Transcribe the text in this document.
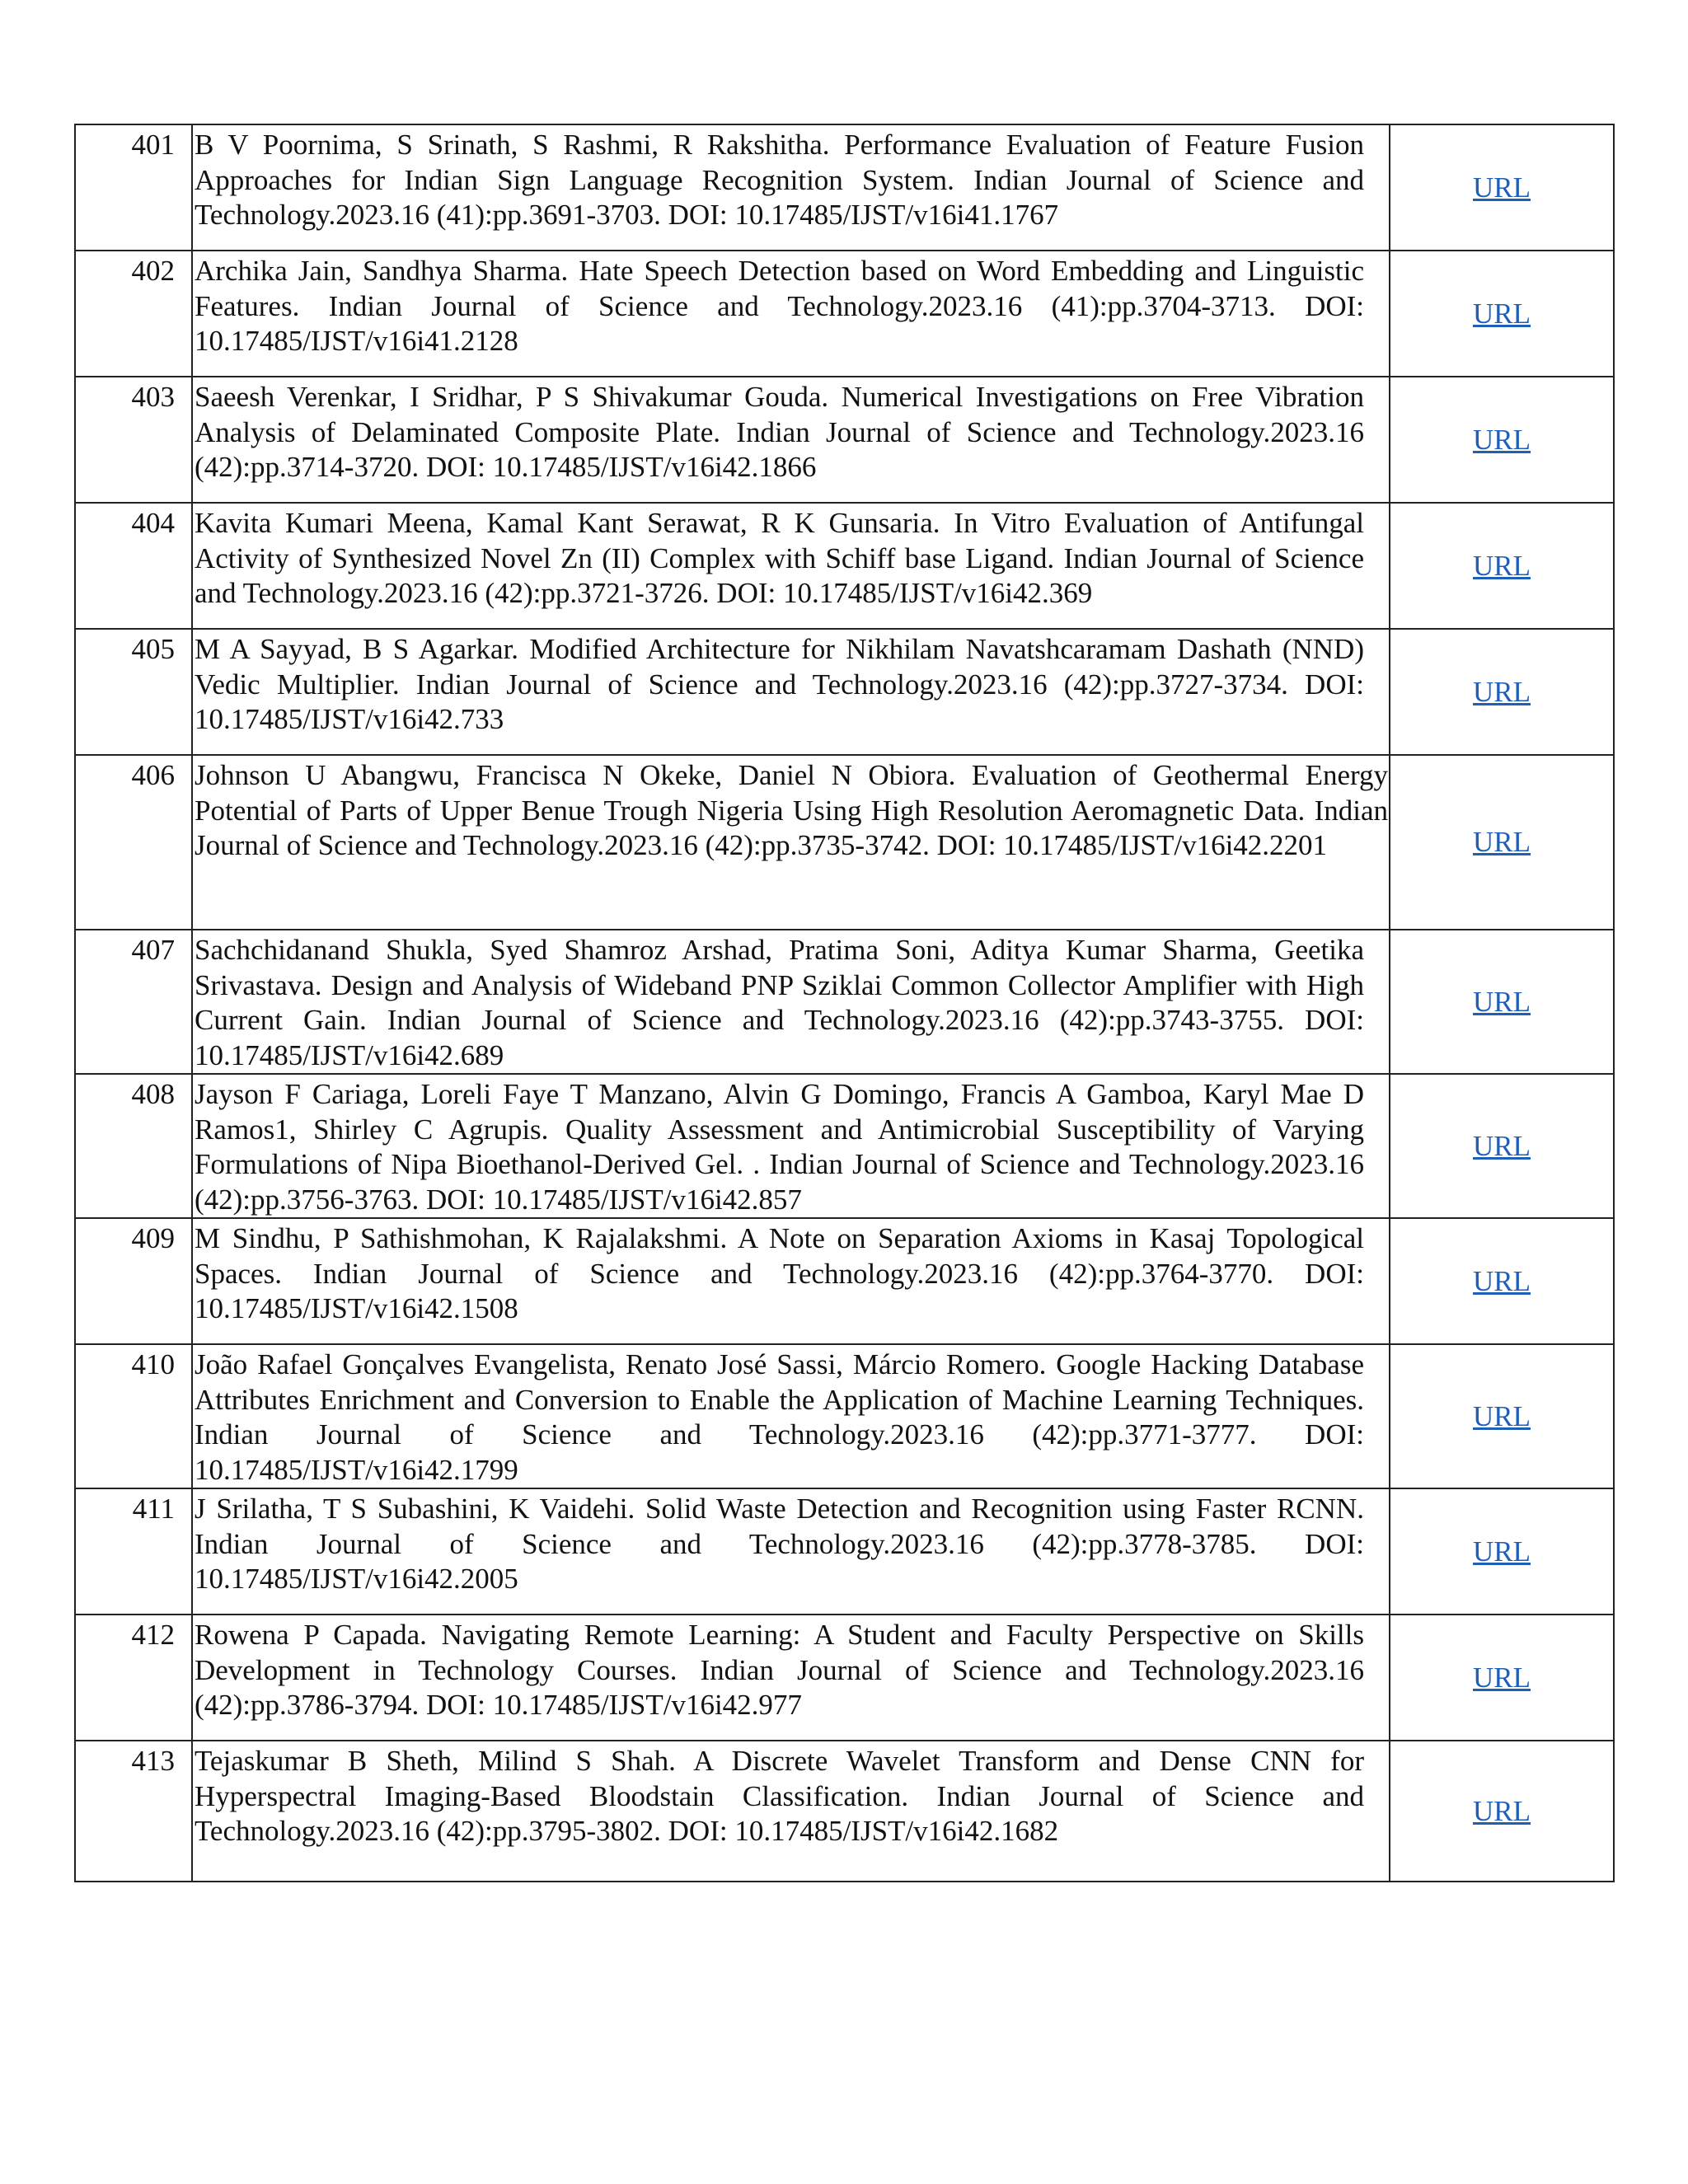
401	B V Poornima, S Srinath, S Rashmi, R Rakshitha. Performance Evaluation of Feature Fusion Approaches for Indian Sign Language Recognition System. Indian Journal of Science and Technology.2023.16 (41):pp.3691-3703. DOI: 10.17485/IJST/v16i41.1767	URL
402	Archika Jain, Sandhya Sharma. Hate Speech Detection based on Word Embedding and Linguistic Features. Indian Journal of Science and Technology.2023.16 (41):pp.3704-3713. DOI: 10.17485/IJST/v16i41.2128	URL
403	Saeesh Verenkar, I Sridhar, P S Shivakumar Gouda. Numerical Investigations on Free Vibration Analysis of Delaminated Composite Plate. Indian Journal of Science and Technology.2023.16 (42):pp.3714-3720. DOI: 10.17485/IJST/v16i42.1866	URL
404	Kavita Kumari Meena, Kamal Kant Serawat, R K Gunsaria. In Vitro Evaluation of Antifungal Activity of Synthesized Novel Zn (II) Complex with Schiff base Ligand. Indian Journal of Science and Technology.2023.16 (42):pp.3721-3726. DOI: 10.17485/IJST/v16i42.369	URL
405	M A Sayyad, B S Agarkar. Modified Architecture for Nikhilam Navatshcaramam Dashath (NND) Vedic Multiplier. Indian Journal of Science and Technology.2023.16 (42):pp.3727-3734. DOI: 10.17485/IJST/v16i42.733	URL
406	Johnson U Abangwu, Francisca N Okeke, Daniel N Obiora. Evaluation of Geothermal Energy Potential of Parts of Upper Benue Trough Nigeria Using High Resolution Aeromagnetic Data. Indian Journal of Science and Technology.2023.16 (42):pp.3735-3742. DOI: 10.17485/IJST/v16i42.2201	URL
407	Sachchidanand Shukla, Syed Shamroz Arshad, Pratima Soni, Aditya Kumar Sharma, Geetika Srivastava. Design and Analysis of Wideband PNP Sziklai Common Collector Amplifier with High Current Gain. Indian Journal of Science and Technology.2023.16 (42):pp.3743-3755. DOI: 10.17485/IJST/v16i42.689	URL
408	Jayson F Cariaga, Loreli Faye T Manzano, Alvin G Domingo, Francis A Gamboa, Karyl Mae D Ramos1, Shirley C Agrupis. Quality Assessment and Antimicrobial Susceptibility of Varying Formulations of Nipa Bioethanol-Derived Gel. . Indian Journal of Science and Technology.2023.16 (42):pp.3756-3763. DOI: 10.17485/IJST/v16i42.857	URL
409	M Sindhu, P Sathishmohan, K Rajalakshmi. A Note on Separation Axioms in Kasaj Topological Spaces. Indian Journal of Science and Technology.2023.16 (42):pp.3764-3770. DOI: 10.17485/IJST/v16i42.1508	URL
410	João Rafael Gonçalves Evangelista, Renato José Sassi, Márcio Romero. Google Hacking Database Attributes Enrichment and Conversion to Enable the Application of Machine Learning Techniques. Indian Journal of Science and Technology.2023.16 (42):pp.3771-3777. DOI: 10.17485/IJST/v16i42.1799	URL
411	J Srilatha, T S Subashini, K Vaidehi. Solid Waste Detection and Recognition using Faster RCNN. Indian Journal of Science and Technology.2023.16 (42):pp.3778-3785. DOI: 10.17485/IJST/v16i42.2005	URL
412	Rowena P Capada. Navigating Remote Learning: A Student and Faculty Perspective on Skills Development in Technology Courses. Indian Journal of Science and Technology.2023.16 (42):pp.3786-3794. DOI: 10.17485/IJST/v16i42.977	URL
413	Tejaskumar B Sheth, Milind S Shah. A Discrete Wavelet Transform and Dense CNN for Hyperspectral Imaging-Based Bloodstain Classification. Indian Journal of Science and Technology.2023.16 (42):pp.3795-3802. DOI: 10.17485/IJST/v16i42.1682	URL
